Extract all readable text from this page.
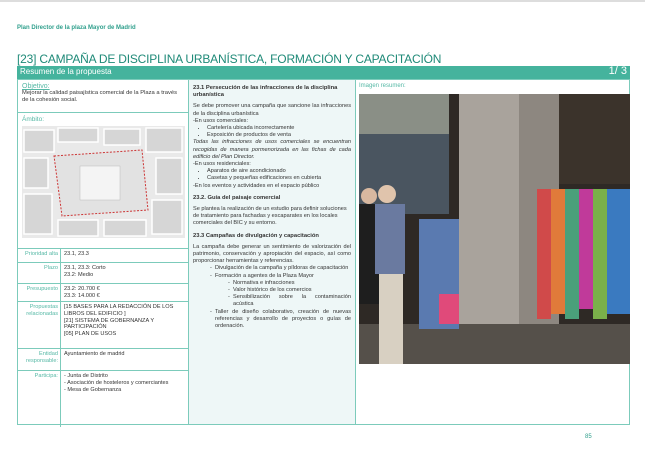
Plan Director de la plaza Mayor de Madrid
[23] CAMPAÑA DE DISCIPLINA URBANÍSTICA, FORMACIÓN Y CAPACITACIÓN
Resumen de la propuesta	1/ 3
Objetivo:
Mejorar la calidad paisajística comercial de la Plaza a través de la cohesión social.
Ámbito:
Prioridad alta	23.1, 23.3
Plazo	23.1, 23.3: Corto
23.2: Medio
Presupuesto	23.2: 20.700 €
23.3: 14.000 €
Propuestas relacionadas
[15 BASES PARA LA REDACCIÓN DE LOS LIBROS DEL EDIFICIO ]
[21] SISTEMA DE GOBERNANZA Y PARTICIPACIÓN
[05] PLAN DE USOS
Entidad responsable:
Ayuntamiento de madrid
Participa:	- Junta de Distrito
- Asociación de hosteleros y comerciantes
- Mesa de Gobernanza
23.1 Persecución de las infracciones de la disciplina urbanística

Se debe promover una campaña que sancione las infracciones de la disciplina urbanística

-En usos comerciales:

• Cartelería ubicada incorrectamente
• Exposición de productos de venta

Todas las infracciones de usos comerciales se encuentran recogidas de manera pormenorizada en las fichas de cada edificio del Plan Director.

-En usos residenciales:

• Aparatos de aire acondicionado
• Casetas y pequeñas edificaciones en cubierta

-En los eventos y actividades en el espacio público

23.2. Guía del paisaje comercial

Se plantea la realización de un estudio para definir soluciones de tratamiento para fachadas y escaparates en los locales comerciales del BIC y su entorno.

23.3 Campañas de divulgación y capacitación

La campaña debe generar un sentimiento de valorización del patrimonio, conservación y apropiación del espacio, así como proporcionar herramientas y referencias.

- Divulgación de la campaña y píldoras de capacitación
- Formación a agentes de la Plaza Mayor
- Normativa e infracciones
- Valor histórico de los comercios
- Sensibilización sobre la contaminación acústica
- Taller de diseño colaborativo, creación de nuevas referencias y desarrollo de proyectos o guías de ordenación.
Imagen resumen:
85
